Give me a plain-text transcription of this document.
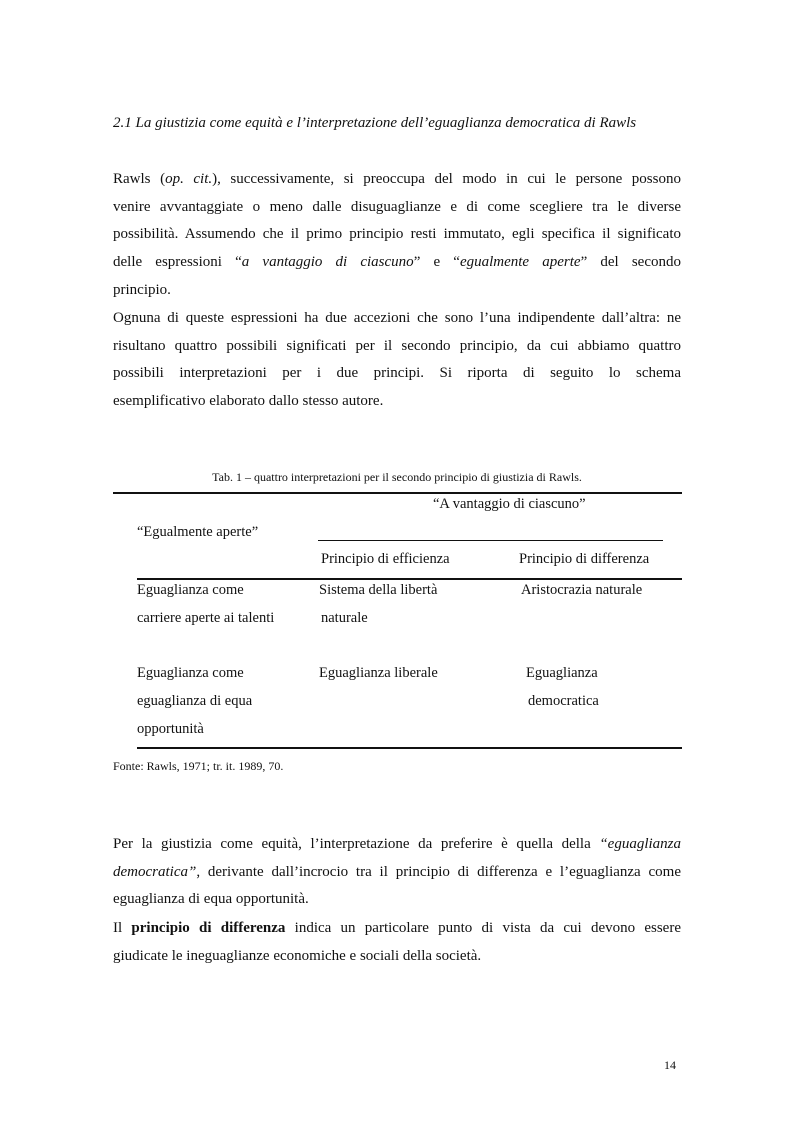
2.1 La giustizia come equità e l’interpretazione dell’eguaglianza democratica di Rawls
Rawls (op. cit.), successivamente, si preoccupa del modo in cui le persone possono
venire avvantaggiate o meno dalle disuguaglianze e di come scegliere tra le diverse
possibilità. Assumendo che il primo principio resti immutato, egli specifica il significato
delle espressioni “a vantaggio di ciascuno” e “egualmente aperte” del secondo
principio.
Ognuna di queste espressioni ha due accezioni che sono l’una indipendente dall’altra: ne
risultano quattro possibili significati per il secondo principio, da cui abbiamo quattro
possibili interpretazioni per i due principi. Si riporta di seguito lo schema
esemplificativo elaborato dallo stesso autore.
Tab. 1 – quattro interpretazioni per il secondo principio di giustizia di Rawls.
“A vantaggio di ciascuno”
“Egualmente aperte”
Principio di efficienza	Principio di differenza
Eguaglianza come
carriere aperte ai talenti
Sistema della libertà
naturale
Aristocrazia naturale
Eguaglianza come
eguaglianza di equa
opportunità
Eguaglianza liberale	Eguaglianza
democratica
Fonte: Rawls, 1971; tr. it. 1989, 70.
Per la giustizia come equità, l’interpretazione da preferire è quella della “eguaglianza
democratica”, derivante dall’incrocio tra il principio di differenza e l’eguaglianza come
eguaglianza di equa opportunità.
Il principio di differenza indica un particolare punto di vista da cui devono essere
giudicate le ineguaglianze economiche e sociali della società.
14
